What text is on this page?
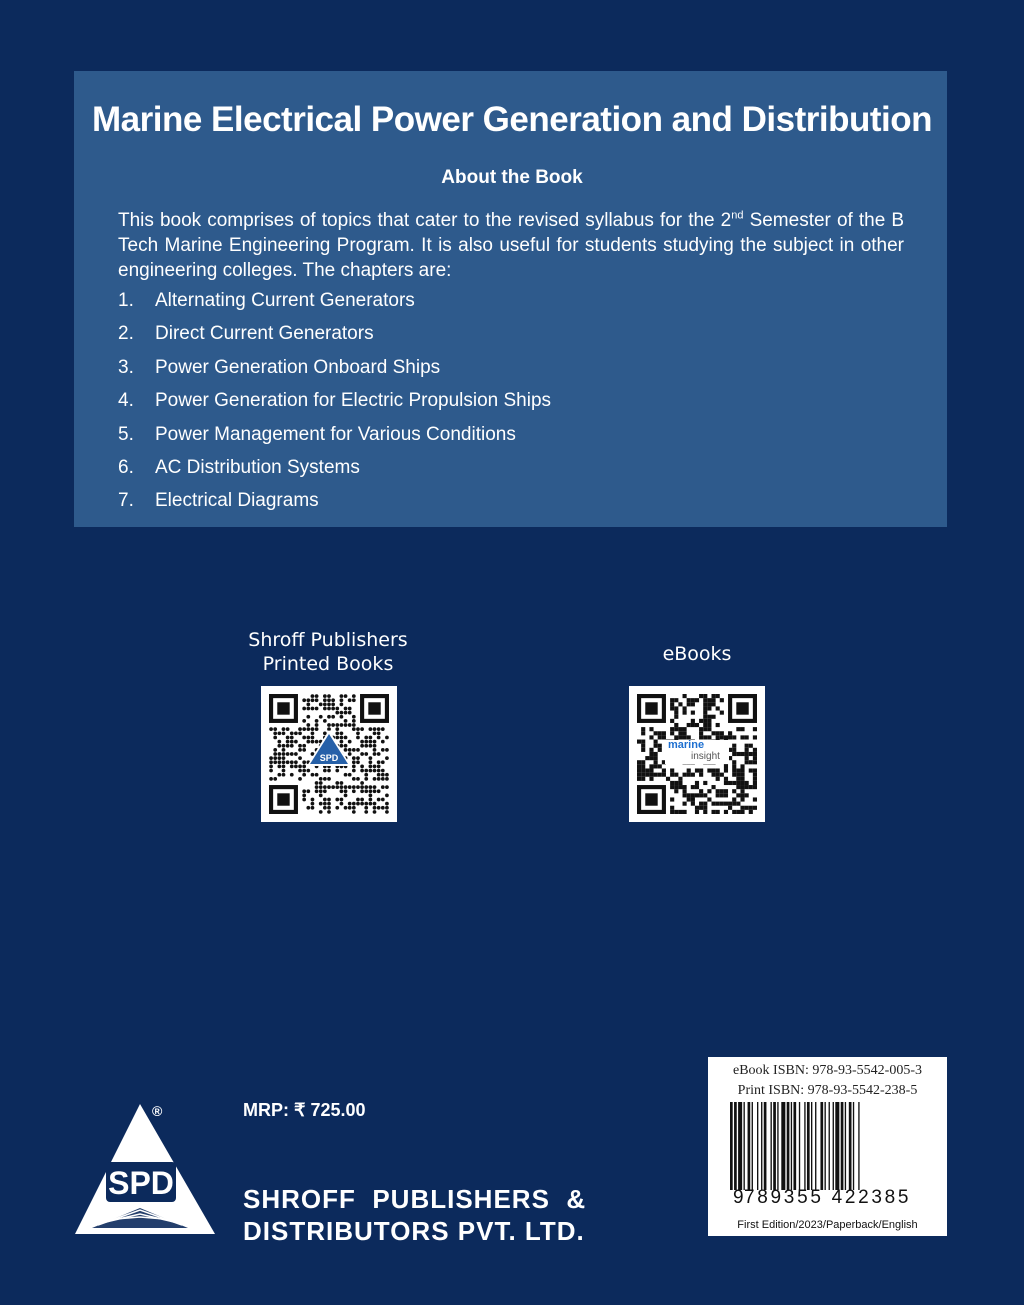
Marine Electrical Power Generation and Distribution
About the Book
This book comprises of topics that cater to the revised syllabus for the 2nd Semester of the B Tech Marine Engineering Program. It is also useful for students studying the subject in other engineering colleges. The chapters are:
1.	Alternating Current Generators
2.	Direct Current Generators
3.	Power Generation Onboard Ships
4.	Power Generation for Electric Propulsion Ships
5.	Power Management for Various Conditions
6.	AC Distribution Systems
7.	Electrical Diagrams
Shroff Publishers
Printed Books	eBooks
SPD
marine
insight
SPD
®	MRP: ₹ 725.00
SHROFF  PUBLISHERS  &
DISTRIBUTORS PVT. LTD.
eBook ISBN: 978-93-5542-005-3
Print ISBN: 978-93-5542-238-5
First Edition/2023/Paperback/English
9
789355 422385
